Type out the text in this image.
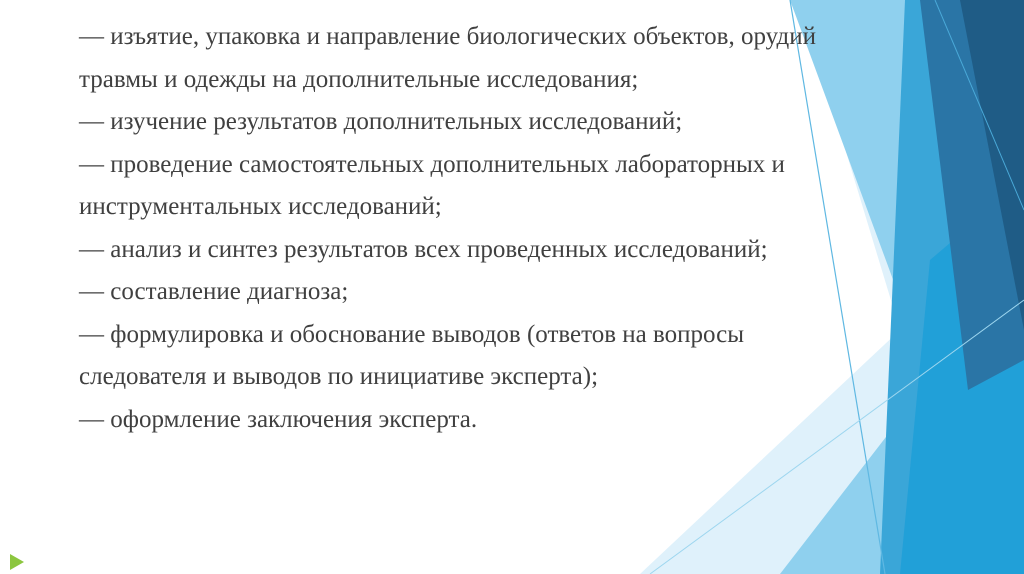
— изъятие, упаковка и направление биологических объектов, орудий травмы и одежды на дополнительные исследования;
— изучение результатов дополнительных исследований;
— проведение самостоятельных дополнительных лабораторных и инструментальных исследований;
— анализ и синтез результатов всех проведенных исследований;
— составление диагноза;
— формулировка и обоснование выводов (ответов на вопросы следователя и выводов по инициативе эксперта);
— оформление заключения эксперта.
